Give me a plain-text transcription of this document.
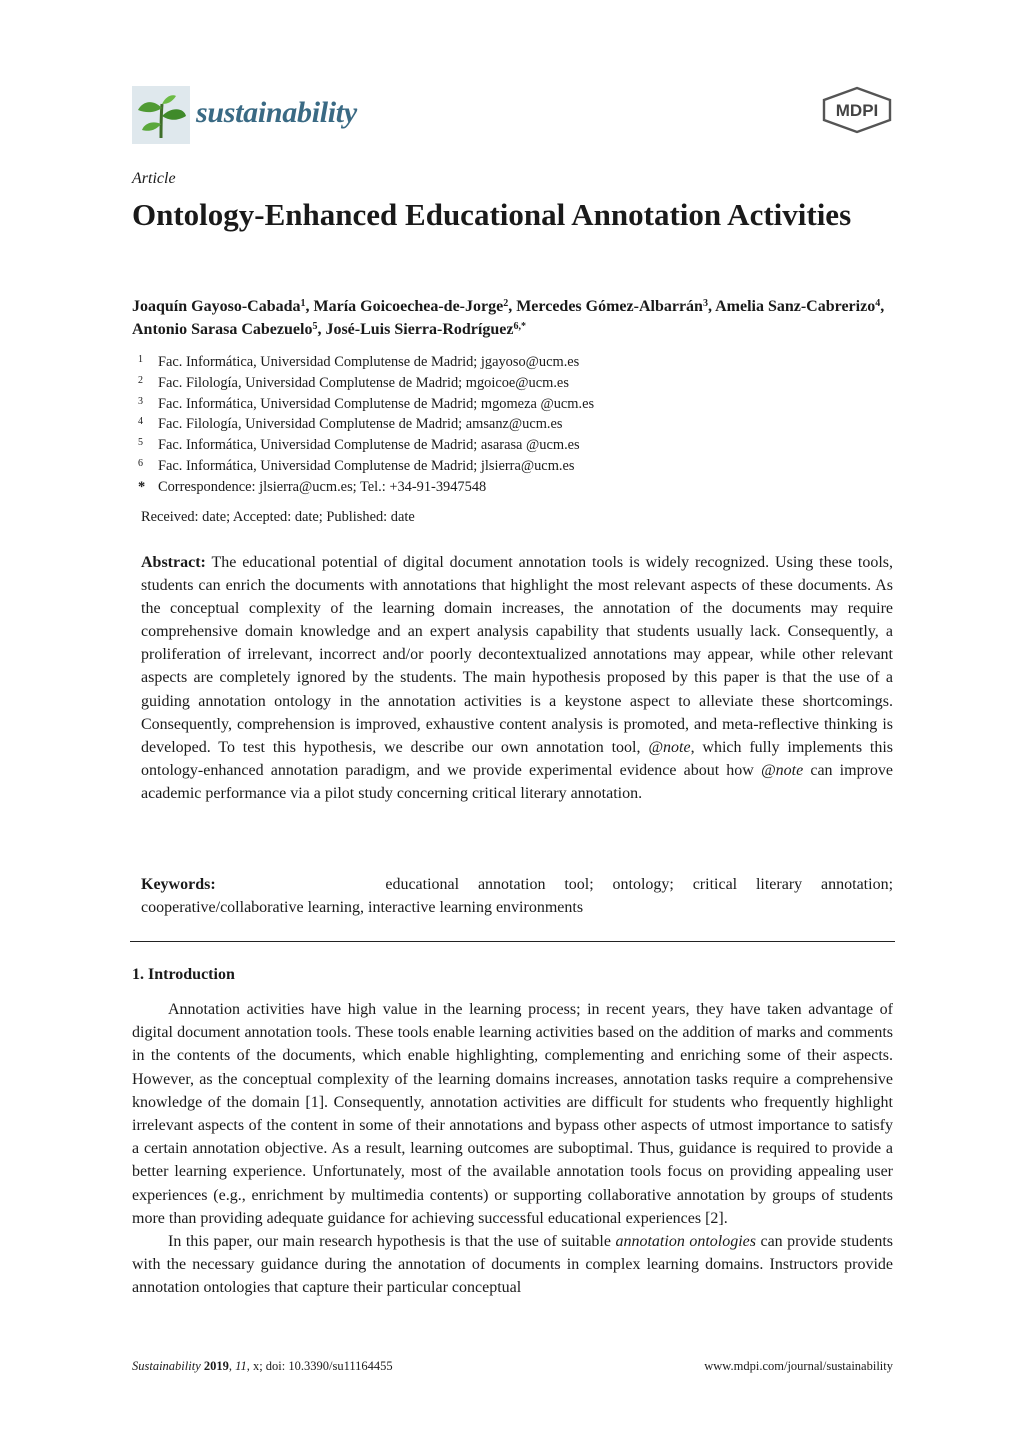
sustainability	MDPI
Article
Ontology-Enhanced Educational Annotation Activities
Joaquín Gayoso-Cabada$^1$, María Goicoechea-de-Jorge$^2$, Mercedes Gómez-Albarrán$^3$, Amelia Sanz-Cabrerizo$^4$, Antonio Sarasa Cabezuelo$^5$, José-Luis Sierra-Rodríguez$^{6,*}$
1	Fac. Informática, Universidad Complutense de Madrid; jgayoso@ucm.es
2	Fac. Filología, Universidad Complutense de Madrid; mgoicoe@ucm.es
3	Fac. Informática, Universidad Complutense de Madrid; mgomeza @ucm.es
4	Fac. Filología, Universidad Complutense de Madrid; amsanz@ucm.es
5	Fac. Informática, Universidad Complutense de Madrid; asarasa @ucm.es
6	Fac. Informática, Universidad Complutense de Madrid; jlsierra@ucm.es
* Correspondence: jlsierra@ucm.es; Tel.: +34-91-3947548
Received: date; Accepted: date; Published: date

Abstract: The educational potential of digital document annotation tools is widely recognized. Using these tools, students can enrich the documents with annotations that highlight the most relevant aspects of these documents. As the conceptual complexity of the learning domain increases, the annotation of the documents may require comprehensive domain knowledge and an expert analysis capability that students usually lack. Consequently, a proliferation of irrelevant, incorrect and/or poorly decontextualized annotations may appear, while other relevant aspects are completely ignored by the students. The main hypothesis proposed by this paper is that the use of a guiding annotation ontology in the annotation activities is a keystone aspect to alleviate these shortcomings. Consequently, comprehension is improved, exhaustive content analysis is promoted, and meta-reflective thinking is developed. To test this hypothesis, we describe our own annotation tool, @note, which fully implements this ontology-enhanced annotation paradigm, and we provide experimental evidence about how @note can improve academic performance via a pilot study concerning critical literary annotation.

Keywords:	educational annotation tool; ontology; critical literary annotation;
cooperative/collaborative learning, interactive learning environments

1. Introduction

Annotation activities have high value in the learning process; in recent years, they have taken advantage of digital document annotation tools. These tools enable learning activities based on the addition of marks and comments in the contents of the documents, which enable highlighting, complementing and enriching some of their aspects. However, as the conceptual complexity of the learning domains increases, annotation tasks require a comprehensive knowledge of the domain [1]. Consequently, annotation activities are difficult for students who frequently highlight irrelevant aspects of the content in some of their annotations and bypass other aspects of utmost importance to satisfy a certain annotation objective. As a result, learning outcomes are suboptimal. Thus, guidance is required to provide a better learning experience. Unfortunately, most of the available annotation tools focus on providing appealing user experiences (e.g., enrichment by multimedia contents) or supporting collaborative annotation by groups of students more than providing adequate guidance for achieving successful educational experiences [2].

In this paper, our main research hypothesis is that the use of suitable annotation ontologies can provide students with the necessary guidance during the annotation of documents in complex learning domains. Instructors provide annotation ontologies that capture their particular conceptual

Sustainability 2019, 11, x; doi: 10.3390/su11164455	www.mdpi.com/journal/sustainability
